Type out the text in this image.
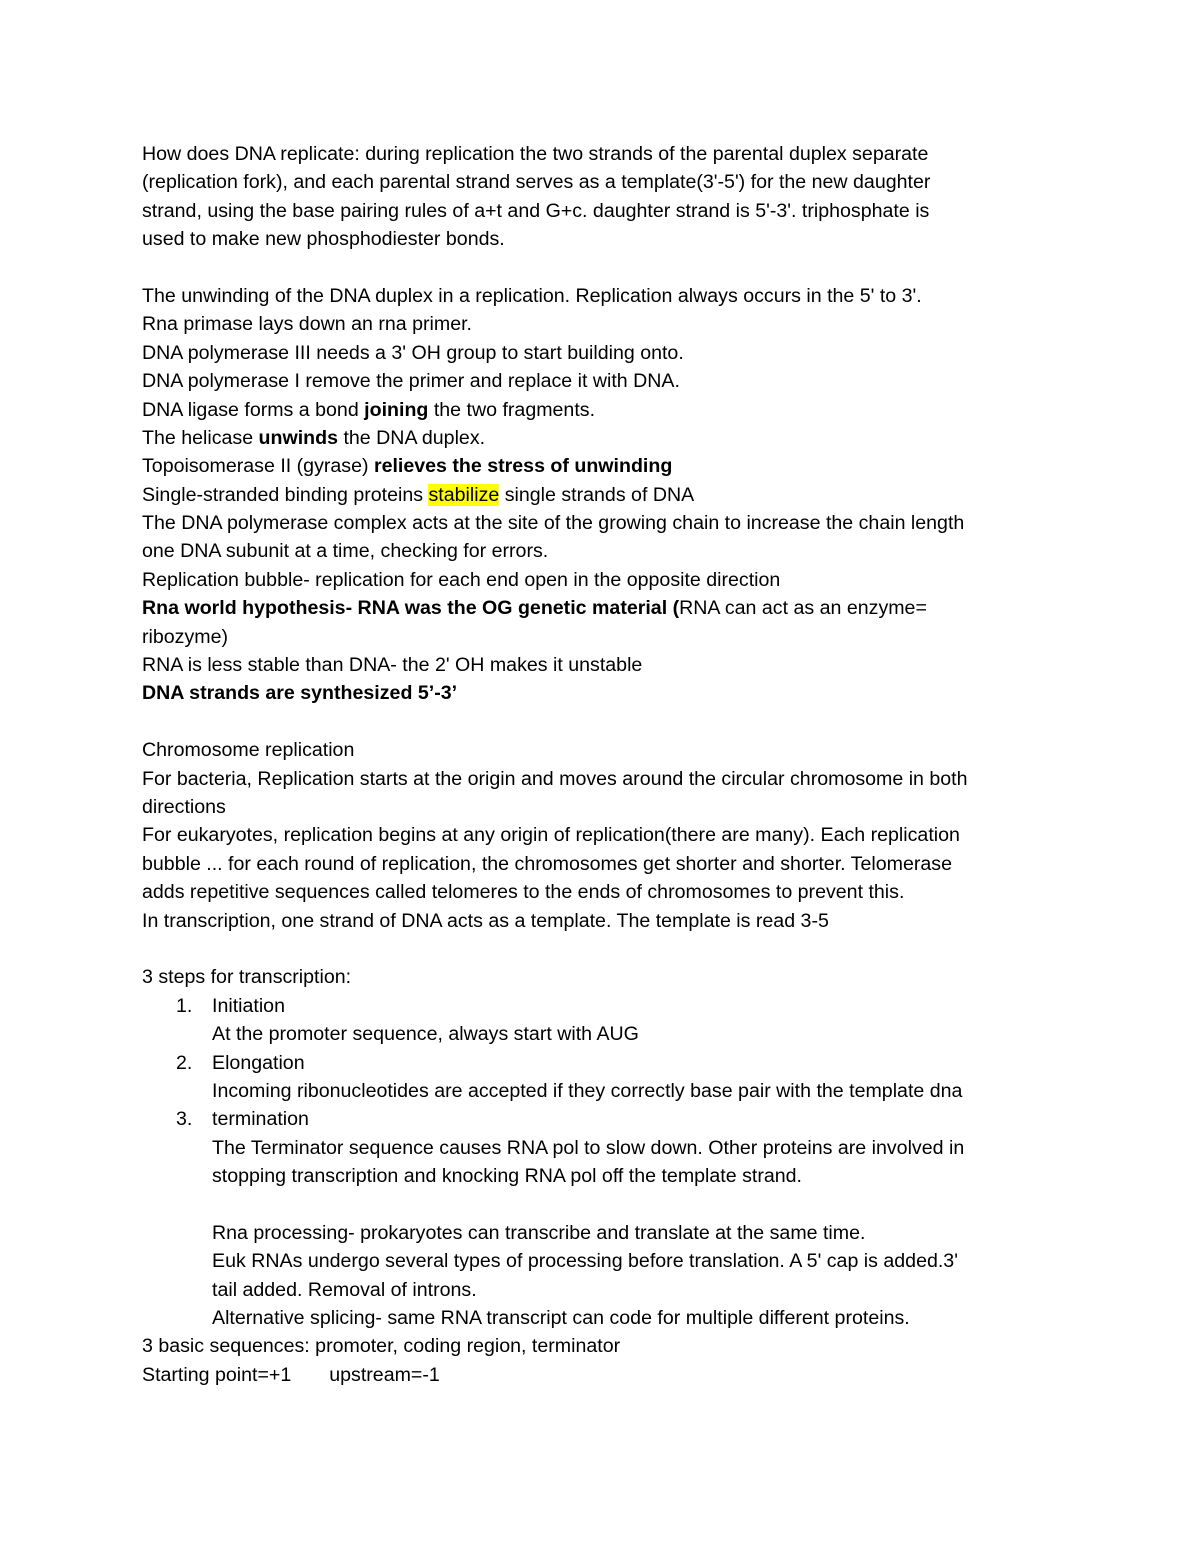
How does DNA replicate: during replication the two strands of the parental duplex separate
(replication fork), and each parental strand serves as a template(3'-5') for the new daughter
strand, using the base pairing rules of a+t and G+c. daughter strand is 5'-3'. triphosphate is
used to make new phosphodiester bonds.
The unwinding of the DNA duplex in a replication. Replication always occurs in the 5' to 3'.
Rna primase lays down an rna primer.
DNA polymerase III needs a 3' OH group to start building onto.
DNA polymerase I remove the primer and replace it with DNA.
DNA ligase forms a bond joining the two fragments.
The helicase unwinds the DNA duplex.
Topoisomerase II (gyrase) relieves the stress of unwinding
Single-stranded binding proteins stabilize single strands of DNA
The DNA polymerase complex acts at the site of the growing chain to increase the chain length
one DNA subunit at a time, checking for errors.
Replication bubble- replication for each end open in the opposite direction
Rna world hypothesis- RNA was the OG genetic material (RNA can act as an enzyme=
ribozyme)
RNA is less stable than DNA- the 2' OH makes it unstable
DNA strands are synthesized 5’-3’
Chromosome replication
For bacteria, Replication starts at the origin and moves around the circular chromosome in both
directions
For eukaryotes, replication begins at any origin of replication(there are many). Each replication
bubble ... for each round of replication, the chromosomes get shorter and shorter. Telomerase
adds repetitive sequences called telomeres to the ends of chromosomes to prevent this.
In transcription, one strand of DNA acts as a template. The template is read 3-5
3 steps for transcription:
1. Initiation
At the promoter sequence, always start with AUG
2. Elongation
Incoming ribonucleotides are accepted if they correctly base pair with the template dna
3. termination
The Terminator sequence causes RNA pol to slow down. Other proteins are involved in
stopping transcription and knocking RNA pol off the template strand.
Rna processing- prokaryotes can transcribe and translate at the same time.
Euk RNAs undergo several types of processing before translation. A 5' cap is added.3'
tail added. Removal of introns.
Alternative splicing- same RNA transcript can code for multiple different proteins.
3 basic sequences: promoter, coding region, terminator
Starting point=+1 upstream=-1
